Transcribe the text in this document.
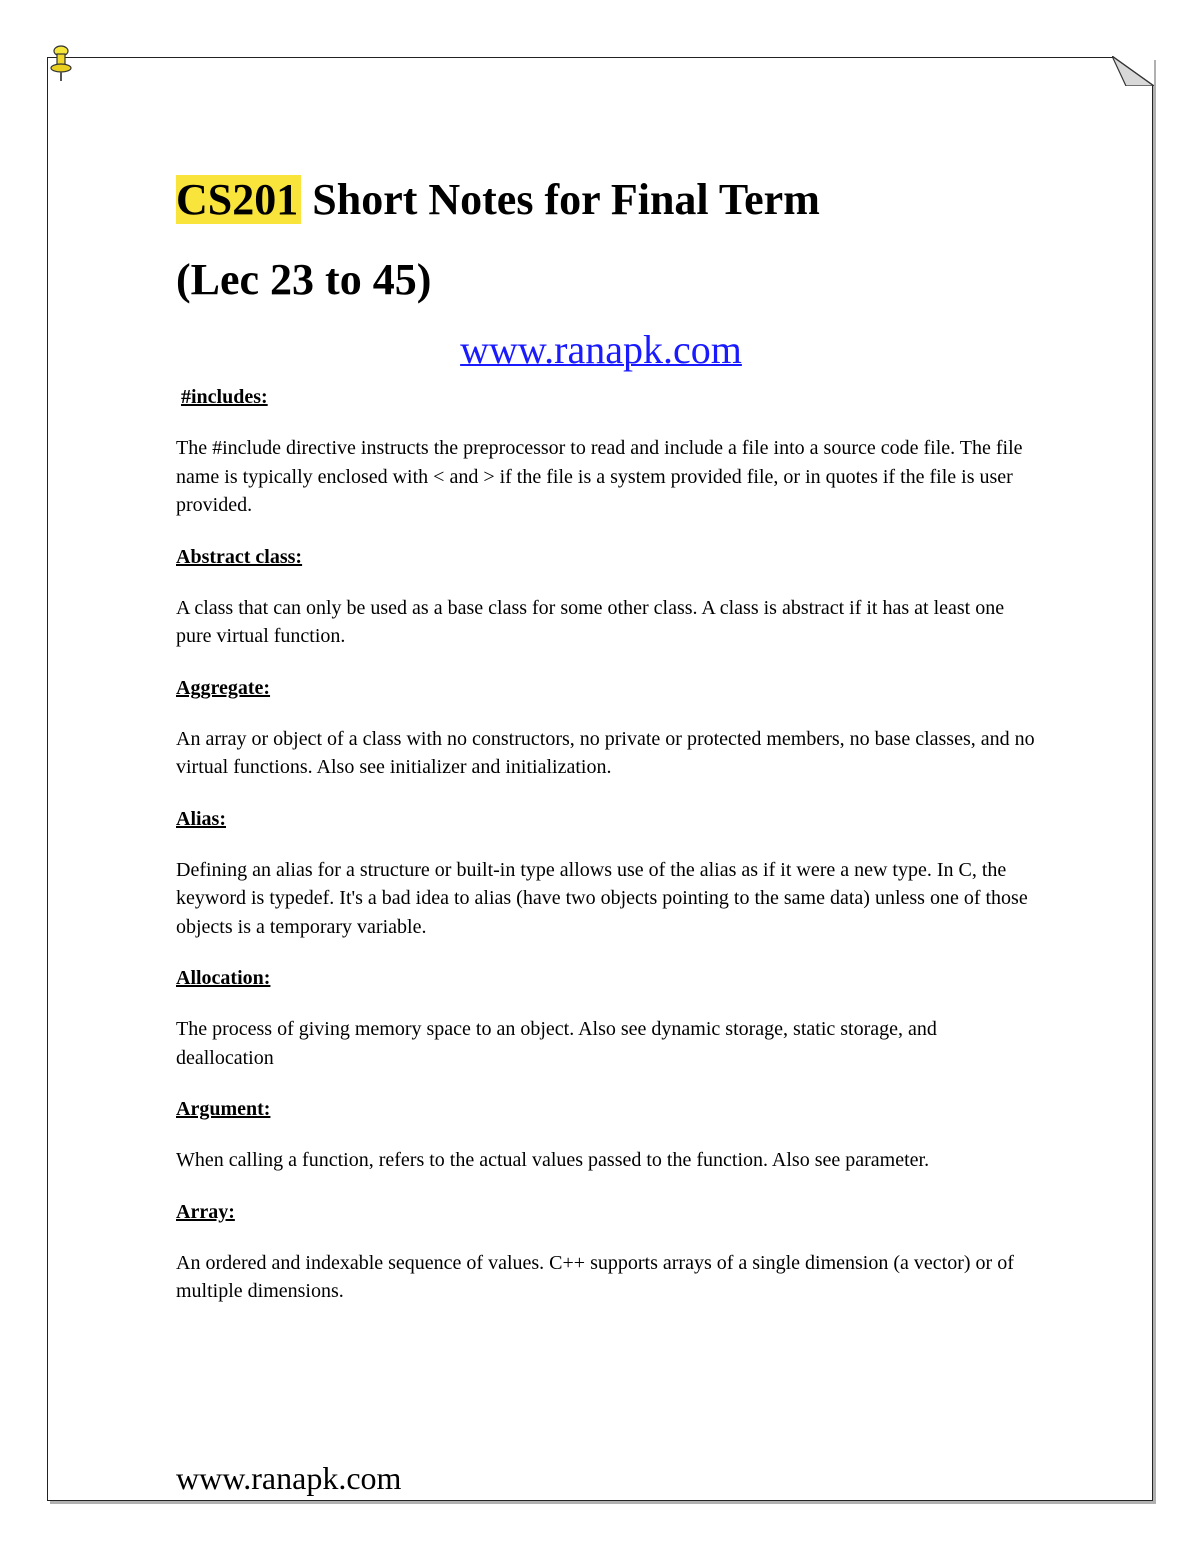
CS201 Short Notes for Final Term
(Lec 23 to 45)
www.ranapk.com

#includes:

The #include directive instructs the preprocessor to read and include a file into a source code file. The file name is typically enclosed with < and > if the file is a system provided file, or in quotes if the file is user provided.

Abstract class:

A class that can only be used as a base class for some other class. A class is abstract if it has at least one pure virtual function.

Aggregate:

An array or object of a class with no constructors, no private or protected members, no base classes, and no virtual functions. Also see initializer and initialization.

Alias:

Defining an alias for a structure or built-in type allows use of the alias as if it were a new type. In C, the keyword is typedef. It's a bad idea to alias (have two objects pointing to the same data) unless one of those objects is a temporary variable.

Allocation:

The process of giving memory space to an object. Also see dynamic storage, static storage, and deallocation

Argument:

When calling a function, refers to the actual values passed to the function. Also see parameter.

Array:

An ordered and indexable sequence of values. C++ supports arrays of a single dimension (a vector) or of multiple dimensions.

www.ranapk.com
